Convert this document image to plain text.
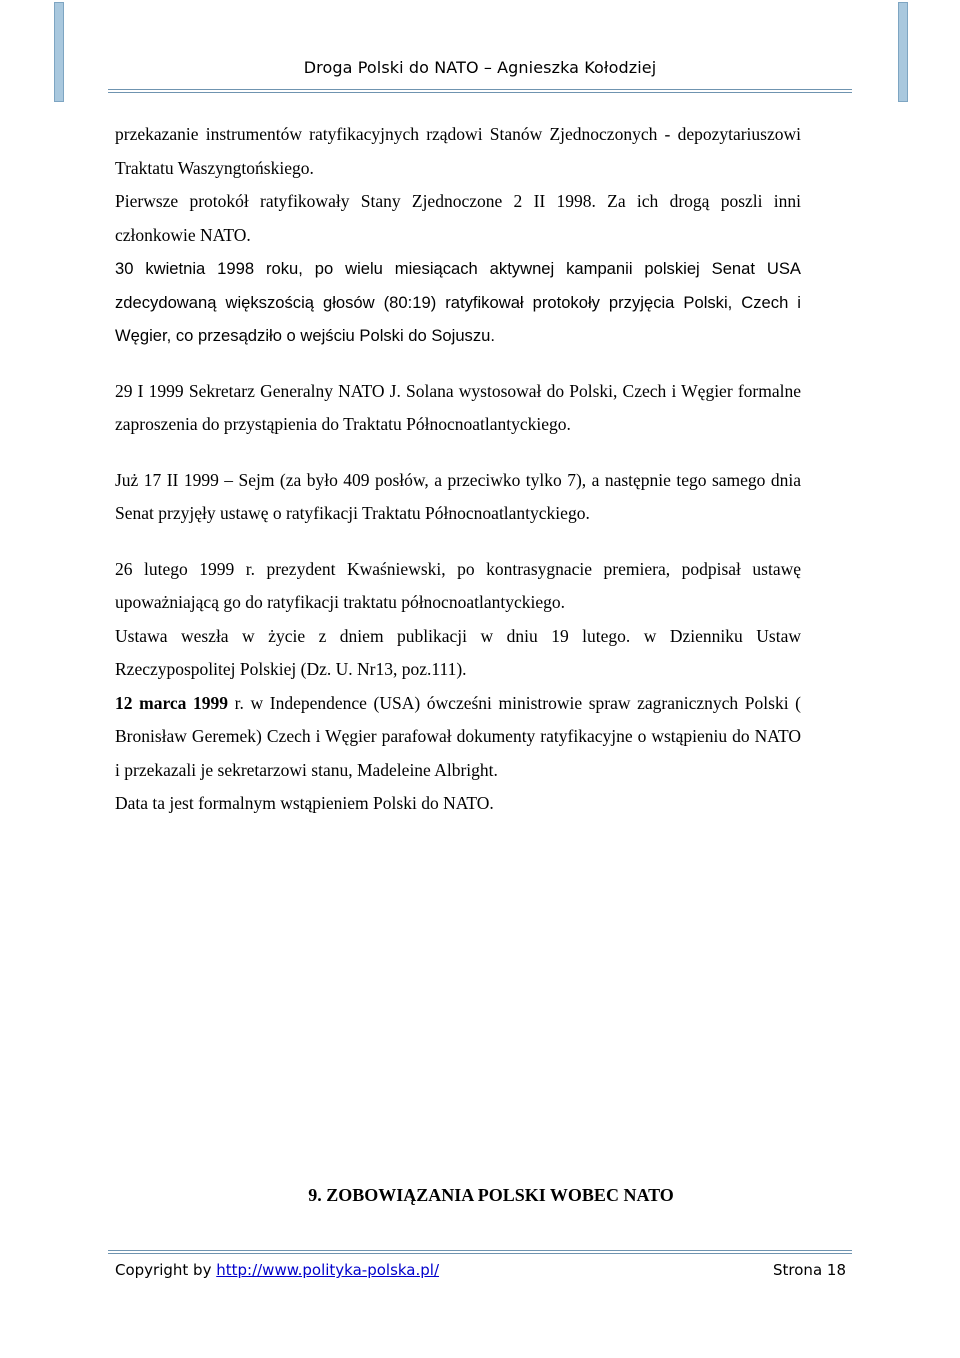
Droga Polski do NATO – Agnieszka Kołodziej

przekazanie instrumentów ratyfikacyjnych rządowi Stanów Zjednoczonych - depozytariuszowi Traktatu Waszyngtońskiego.

Pierwsze protokół ratyfikowały Stany Zjednoczone 2 II 1998. Za ich drogą poszli inni członkowie NATO.

30 kwietnia 1998 roku, po wielu miesiącach aktywnej kampanii polskiej Senat USA zdecydowaną większością głosów (80:19) ratyfikował protokoły przyjęcia Polski, Czech i Węgier, co przesądziło o wejściu Polski do Sojuszu.

29 I 1999 Sekretarz Generalny NATO J. Solana wystosował do Polski, Czech i Węgier formalne zaproszenia do przystąpienia do Traktatu Północnoatlantyckiego.

Już 17 II 1999 – Sejm (za było 409 posłów, a przeciwko tylko 7), a następnie tego samego dnia Senat przyjęły ustawę o ratyfikacji Traktatu Północnoatlantyckiego.

26 lutego 1999 r. prezydent Kwaśniewski, po kontrasygnacie premiera, podpisał ustawę upoważniającą go do ratyfikacji traktatu północnoatlantyckiego.

Ustawa weszła w życie z dniem publikacji w dniu 19 lutego. w Dzienniku Ustaw Rzeczypospolitej Polskiej (Dz. U. Nr13, poz.111).

12 marca 1999 r. w Independence (USA) ówcześni ministrowie spraw zagranicznych Polski ( Bronisław Geremek) Czech i Węgier parafował dokumenty ratyfikacyjne o wstąpieniu do NATO i przekazali je sekretarzowi stanu, Madeleine Albright.

Data ta jest formalnym wstąpieniem Polski do NATO.

9. ZOBOWIĄZANIA POLSKI WOBEC NATO
Copyright by http://www.polityka-polska.pl/	Strona 18
